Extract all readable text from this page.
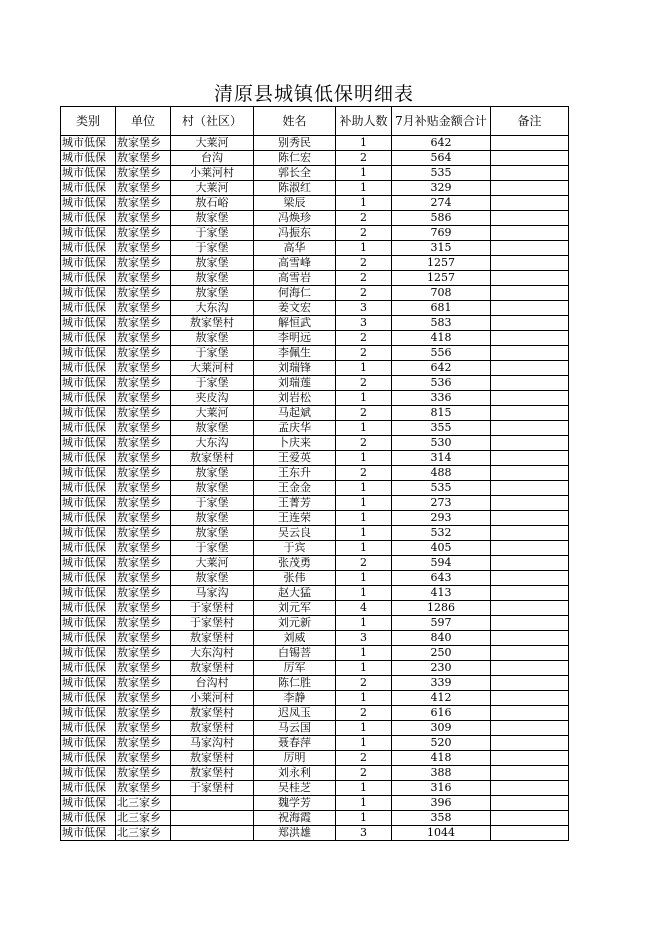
清原县城镇低保明细表
类别	单位	村（社区）	姓名	补助人数	7月补贴金额合计	备注
城市低保	敖家堡乡	大莱河	别秀民	1	642	
城市低保	敖家堡乡	台沟	陈仁宏	2	564	
城市低保	敖家堡乡	小莱河村	郭长全	1	535	
城市低保	敖家堡乡	大莱河	陈淑红	1	329	
城市低保	敖家堡乡	敖石峪	梁辰	1	274	
城市低保	敖家堡乡	敖家堡	冯焕珍	2	586	
城市低保	敖家堡乡	于家堡	冯振东	2	769	
城市低保	敖家堡乡	于家堡	高华	1	315	
城市低保	敖家堡乡	敖家堡	高雪峰	2	1257	
城市低保	敖家堡乡	敖家堡	高雪岩	2	1257	
城市低保	敖家堡乡	敖家堡	何海仁	2	708	
城市低保	敖家堡乡	大东沟	姜文宏	3	681	
城市低保	敖家堡乡	敖家堡村	解恒武	3	583	
城市低保	敖家堡乡	敖家堡	李明远	2	418	
城市低保	敖家堡乡	于家堡	李佩生	2	556	
城市低保	敖家堡乡	大莱河村	刘瑞锋	1	642	
城市低保	敖家堡乡	于家堡	刘瑞莲	2	536	
城市低保	敖家堡乡	夹皮沟	刘岩松	1	336	
城市低保	敖家堡乡	大莱河	马起斌	2	815	
城市低保	敖家堡乡	敖家堡	孟庆华	1	355	
城市低保	敖家堡乡	大东沟	卜庆来	2	530	
城市低保	敖家堡乡	敖家堡村	王爱英	1	314	
城市低保	敖家堡乡	敖家堡	王东升	2	488	
城市低保	敖家堡乡	敖家堡	王金金	1	535	
城市低保	敖家堡乡	于家堡	王菁芳	1	273	
城市低保	敖家堡乡	敖家堡	王连荣	1	293	
城市低保	敖家堡乡	敖家堡	吴云良	1	532	
城市低保	敖家堡乡	于家堡	于宾	1	405	
城市低保	敖家堡乡	大莱河	张茂勇	2	594	
城市低保	敖家堡乡	敖家堡	张伟	1	643	
城市低保	敖家堡乡	马家沟	赵大猛	1	413	
城市低保	敖家堡乡	于家堡村	刘元军	4	1286	
城市低保	敖家堡乡	于家堡村	刘元新	1	597	
城市低保	敖家堡乡	敖家堡村	刘威	3	840	
城市低保	敖家堡乡	大东沟村	白锡菩	1	250	
城市低保	敖家堡乡	敖家堡村	厉军	1	230	
城市低保	敖家堡乡	台沟村	陈仁胜	2	339	
城市低保	敖家堡乡	小莱河村	李静	1	412	
城市低保	敖家堡乡	敖家堡村	迟凤玉	2	616	
城市低保	敖家堡乡	敖家堡村	马云国	1	309	
城市低保	敖家堡乡	马家沟村	聂春萍	1	520	
城市低保	敖家堡乡	敖家堡村	厉明	2	418	
城市低保	敖家堡乡	敖家堡村	刘永利	2	388	
城市低保	敖家堡乡	于家堡村	吴桂芝	1	316	
城市低保	北三家乡		魏学芳	1	396	
城市低保	北三家乡		祝海霞	1	358	
城市低保	北三家乡		郑洪雄	3	1044	
